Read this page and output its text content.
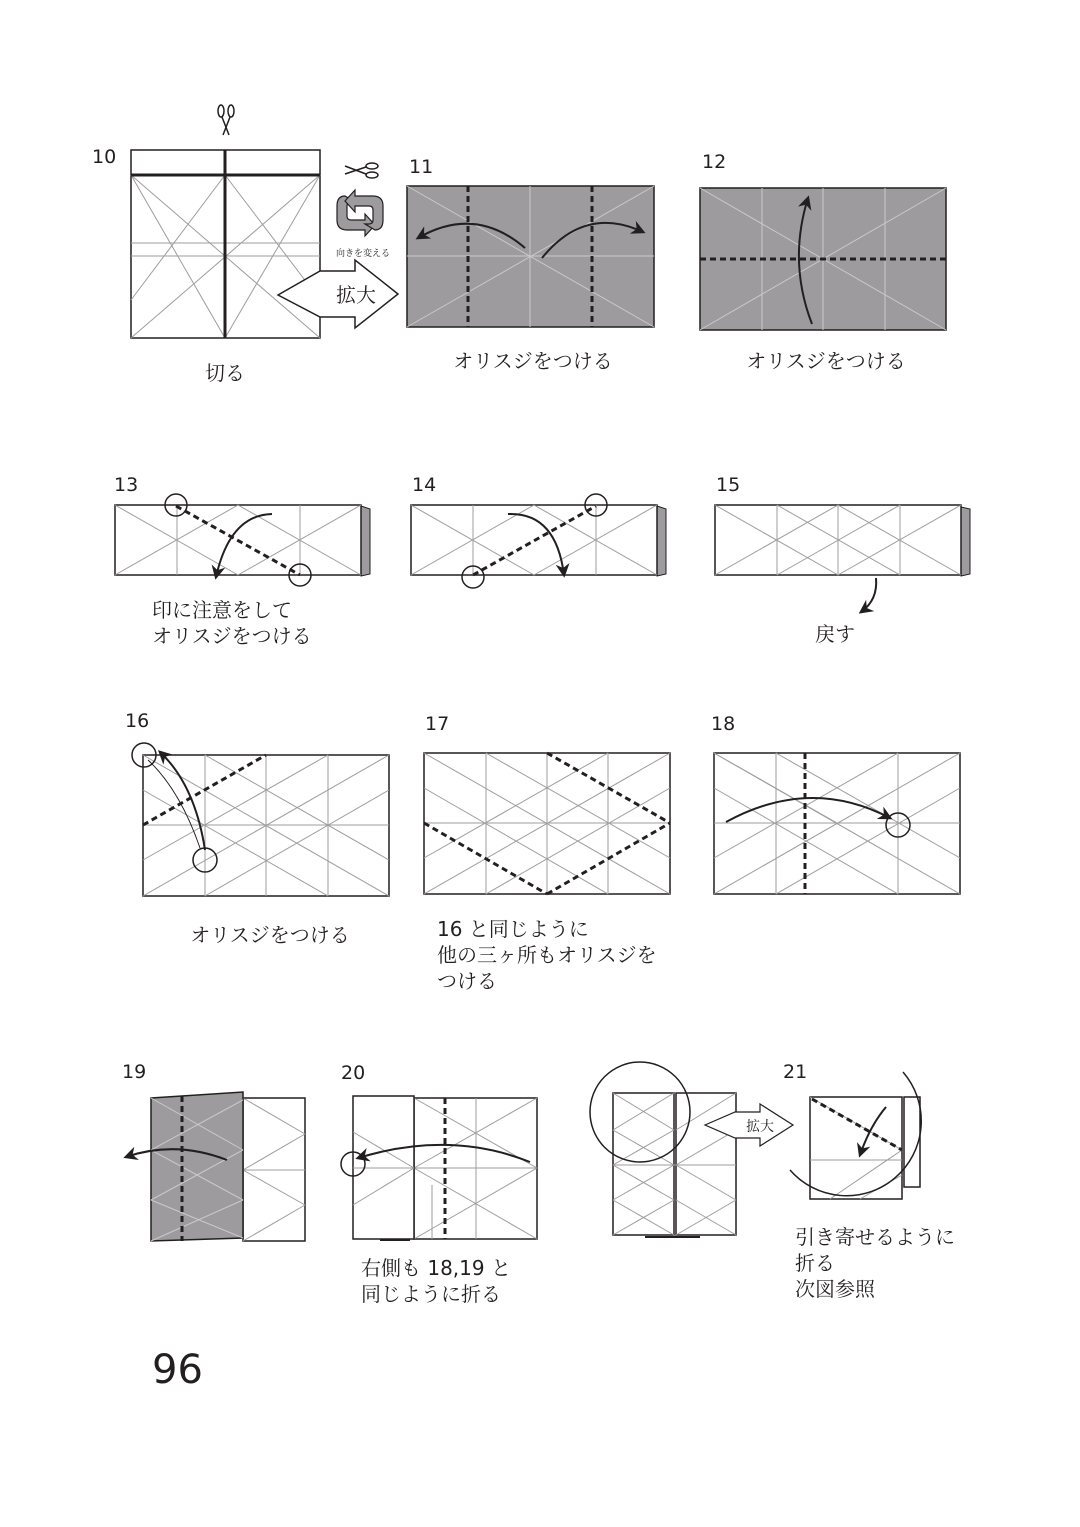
10
切る
向きを変える
拡大
11
オリスジをつける
12
オリスジをつける
13
印に注意をして
オリスジをつける
14	15
戻す
16
オリスジをつける
17
16 と同じように
他の三ヶ所もオリスジを
つける
18
19	20
右側も 18,19 と
同じように折る
拡大
21
引き寄せるように
折る
次図参照
96
